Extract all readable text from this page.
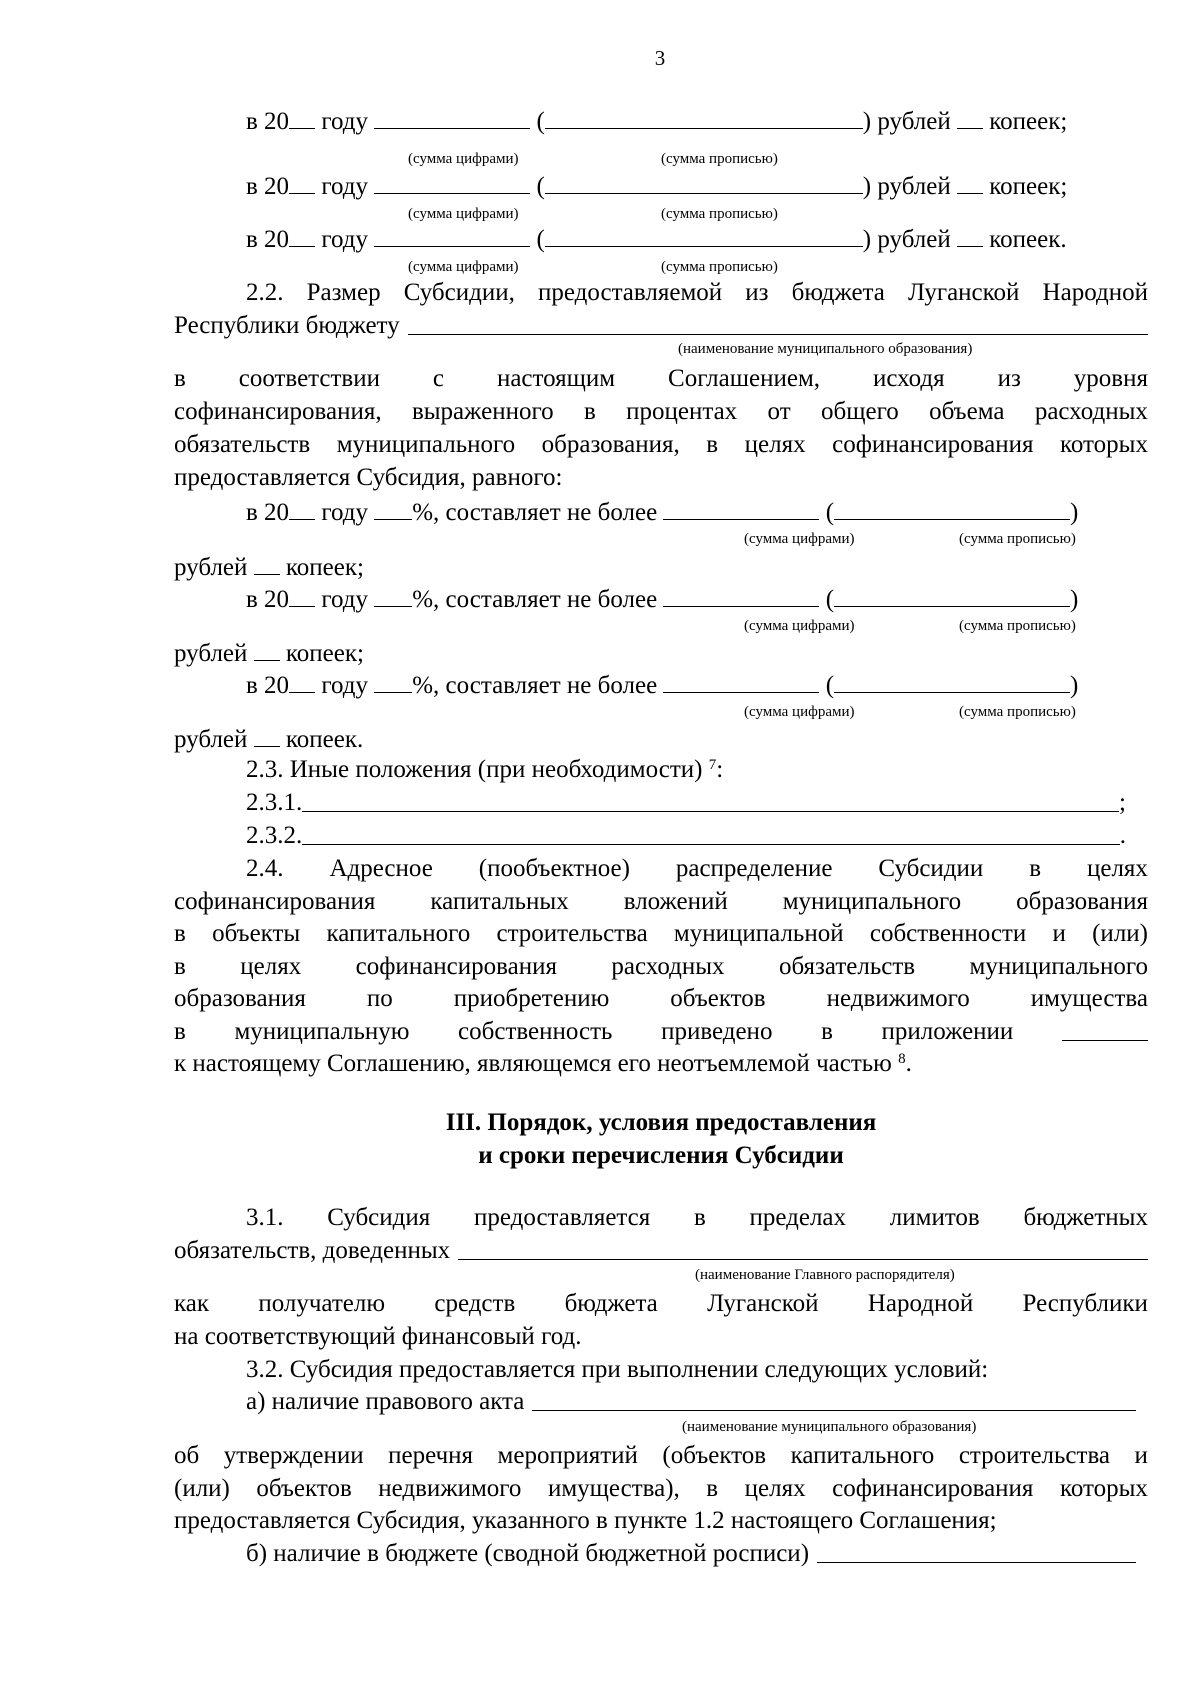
3
в 20 году	(	) рублей копеек;
(сумма цифрами)	(сумма прописью)
в 20 году	(	) рублей копеек;
(сумма цифрами)	(сумма прописью)
в 20 году	(	) рублей копеек.
(сумма цифрами)	(сумма прописью)
2.2. Размер Субсидии, предоставляемой из бюджета Луганской Народной
Республики бюджету
(наименование муниципального образования)
в соответствии с настоящим Соглашением, исходя из уровня
софинансирования, выраженного в процентах от общего объема расходных
обязательств муниципального образования, в целях софинансирования которых
предоставляется Субсидия, равного:
в 20 году %, составляет не более	(	)
(сумма цифрами)	(сумма прописью)
рублей копеек;
в 20 году %, составляет не более	(	)
(сумма цифрами)	(сумма прописью)
рублей копеек;
в 20 году %, составляет не более	(	)
(сумма цифрами)	(сумма прописью)
рублей копеек.
2.3. Иные положения (при необходимости) $^7$:
2.3.1.	;
2.3.2.	.
2.4. Адресное (пообъектное) распределение Субсидии в целях
софинансирования капитальных вложений муниципального образования
в объекты капитального строительства муниципальной собственности и (или)
в целях софинансирования расходных обязательств муниципального
образования по приобретению объектов недвижимого имущества
в муниципальную собственность приведено в приложении
к настоящему Соглашению, являющемся его неотъемлемой частью $^8$.
III. Порядок, условия предоставления
и сроки перечисления Субсидии
3.1. Субсидия предоставляется в пределах лимитов бюджетных
обязательств, доведенных
(наименование Главного распорядителя)
как получателю средств бюджета Луганской Народной Республики
на соответствующий финансовый год.
3.2. Субсидия предоставляется при выполнении следующих условий:
а) наличие правового акта
(наименование муниципального образования)
об утверждении перечня мероприятий (объектов капитального строительства и
(или) объектов недвижимого имущества), в целях софинансирования которых
предоставляется Субсидия, указанного в пункте 1.2 настоящего Соглашения;
б) наличие в бюджете (сводной бюджетной росписи)
